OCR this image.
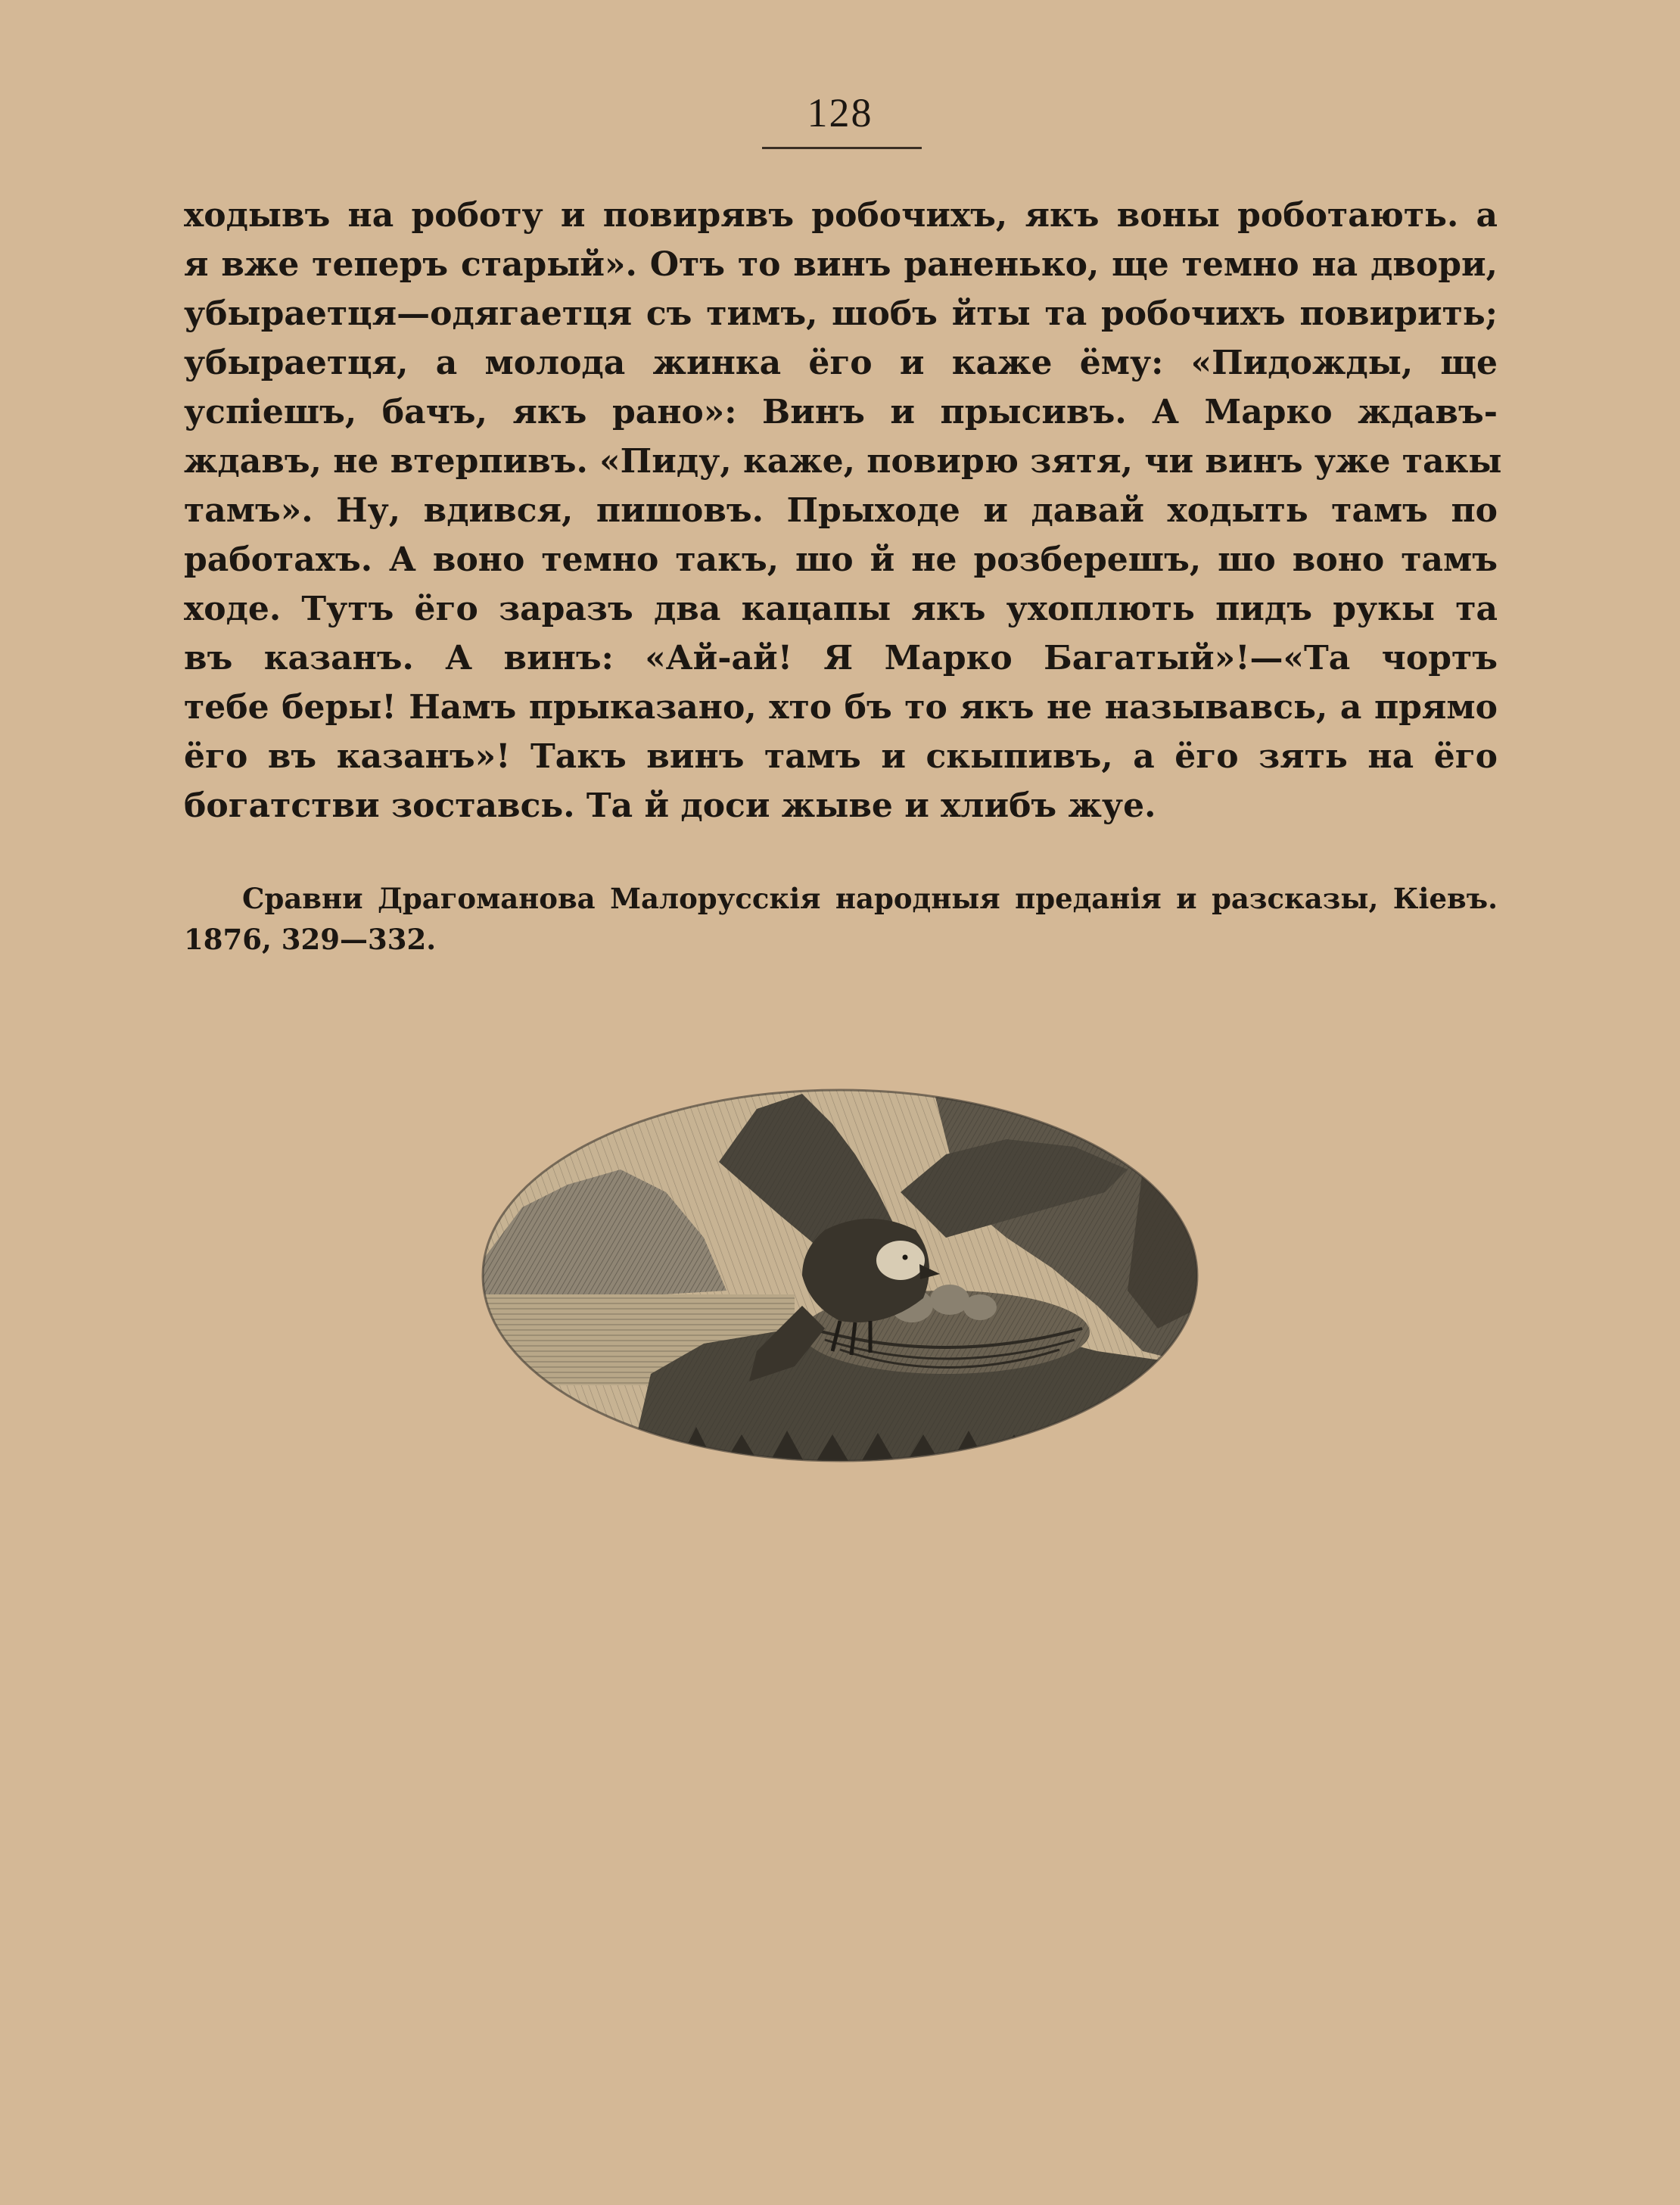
128
ходывъ на роботу и повирявъ робочихъ, якъ воны роботають. а
я вже теперъ старый». Отъ то винъ раненько, ще темно на двори,
убыраетця—одягаетця съ тимъ, шобъ йты та робочихъ повирить;
убыраетця, а молода жинка ёго и каже ёму: «Пидожды, ще
успіешъ, бачъ, якъ рано»: Винъ и прысивъ. А Марко ждавъ-
ждавъ, не втерпивъ. «Пиду, каже, повирю зятя, чи винъ уже такы
тамъ». Ну, вдився, пишовъ. Прыходе и давай ходыть тамъ по
работахъ. А воно темно такъ, шо й не розберешъ, шо воно тамъ
ходе. Тутъ ёго заразъ два кацапы якъ ухоплють пидъ рукы та
въ казанъ. А винъ: «Ай-ай! Я Марко Багатый»!—«Та чортъ
тебе беры! Намъ прыказано, хто бъ то якъ не называвсь, а прямо
ёго въ казанъ»! Такъ винъ тамъ и скыпивъ, а ёго зять на ёго
богатстви зоставсь. Та й доси жыве и хлибъ жуе.
Сравни Драгоманова Малорусскія народныя преданія и разсказы, Кіевъ.
1876, 329—332.
